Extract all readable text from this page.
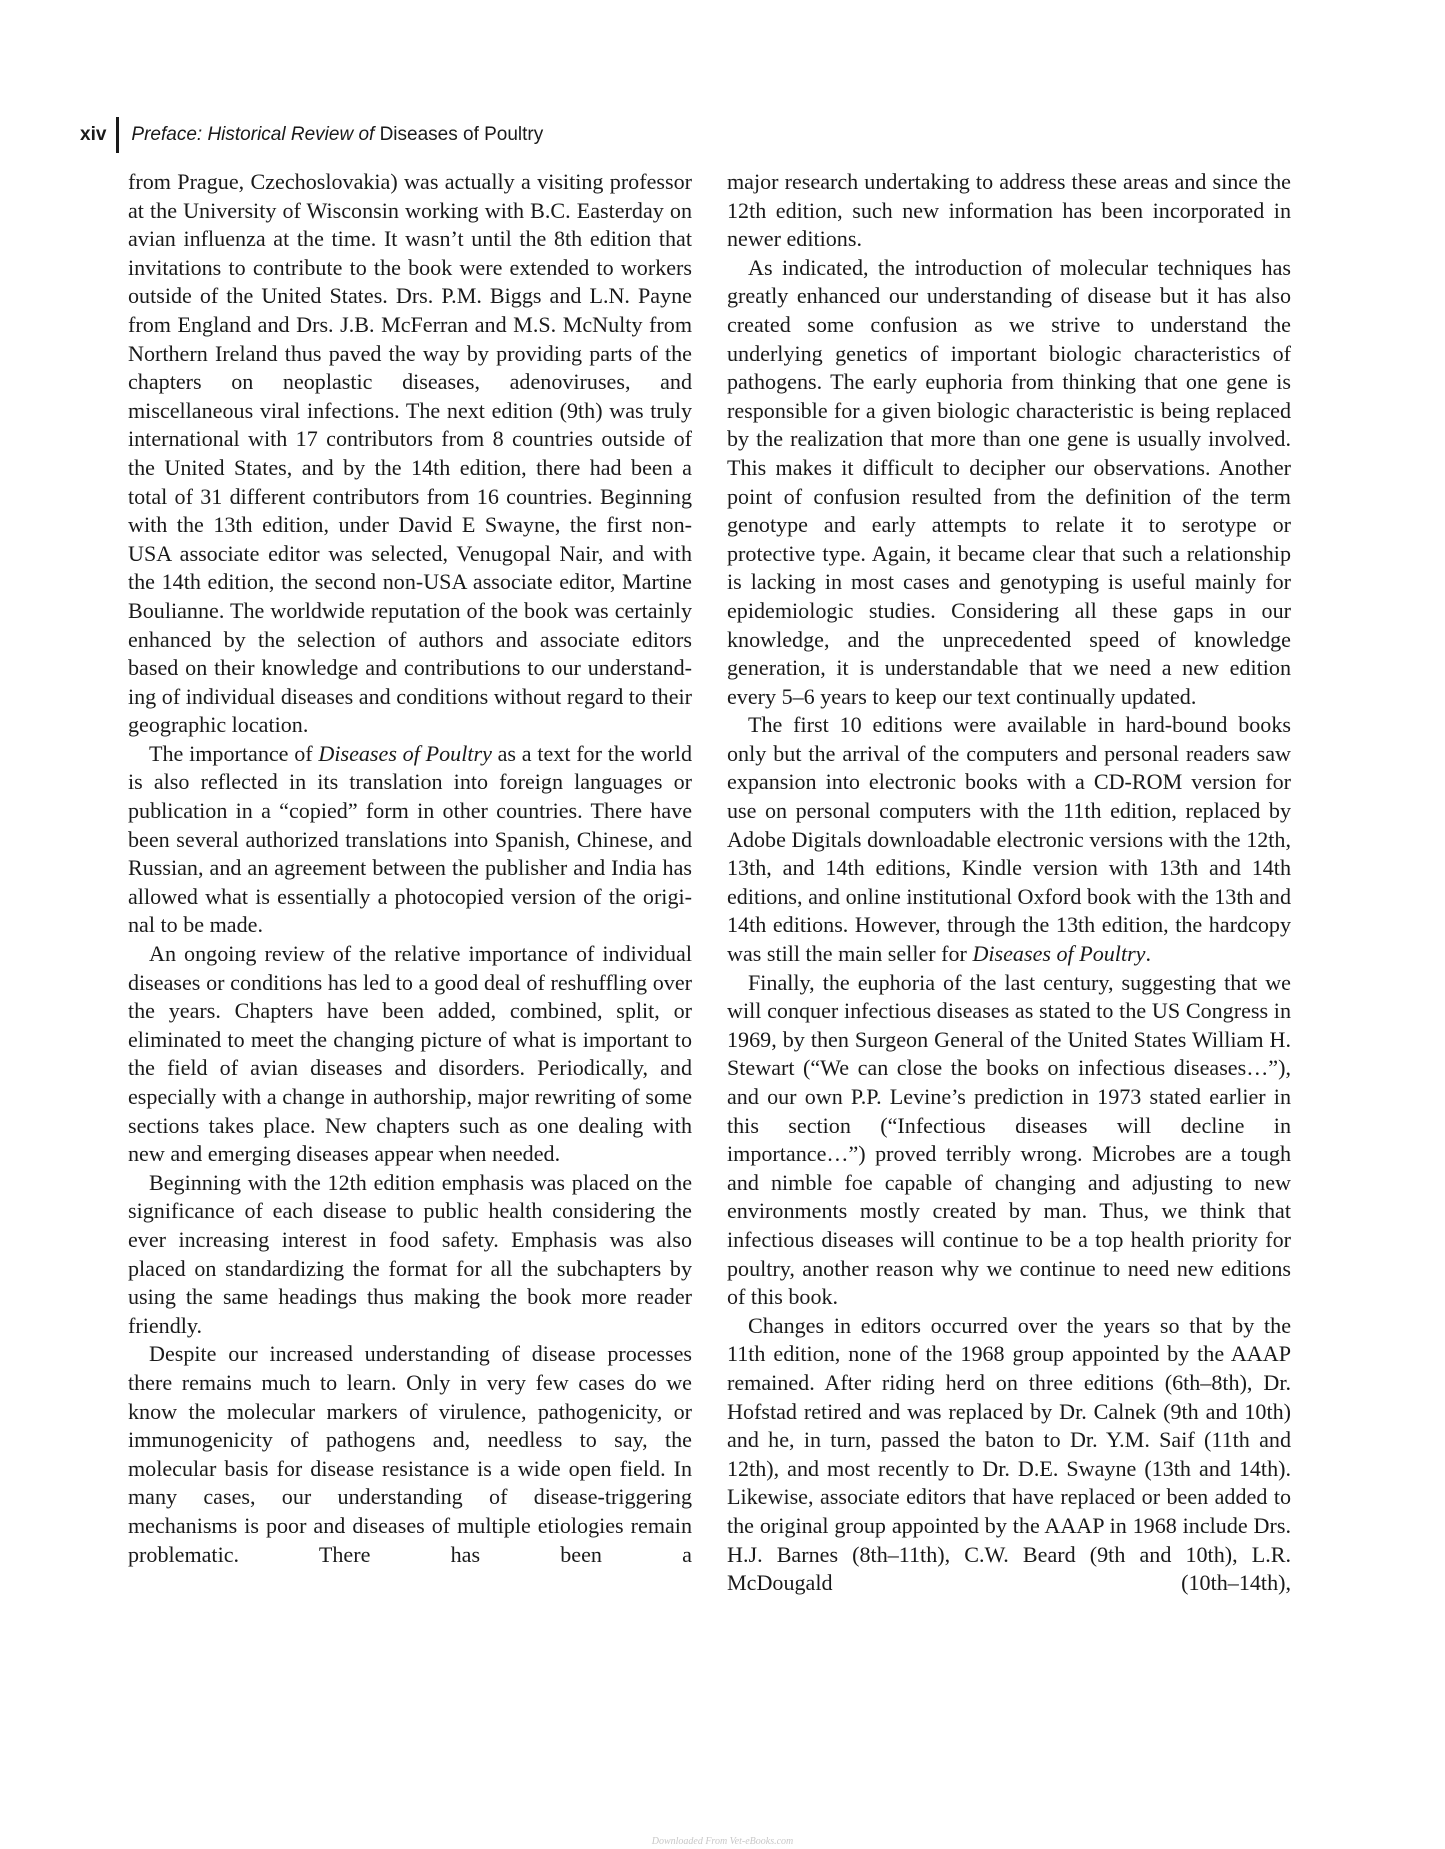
xiv	Preface: Historical Review of Diseases of Poultry

from Prague, Czechoslovakia) was actually a visiting professor at the University of Wisconsin working with B.C. Easterday on avian influenza at the time. It wasn’t until the 8th edition that invitations to contribute to the book were extended to workers outside of the United States. Drs. P.M. Biggs and L.N. Payne from England and Drs. J.B. McFerran and M.S. McNulty from Northern Ireland thus paved the way by providing parts of the chapters on neoplastic diseases, adenoviruses, and miscellaneous viral infections. The next edition (9th) was truly international with 17 contributors from 8 countries outside of the United States, and by the 14th edition, there had been a total of 31 different contributors from 16 countries. Beginning with the 13th edition, under David E Swayne, the first non‐USA associate editor was selected, Venugopal Nair, and with the 14th edition, the second non‐USA associate editor, Martine Boulianne. The worldwide reputation of the book was certainly enhanced by the selection of authors and associate editors based on their knowledge and contributions to our understanding of individual diseases and conditions without regard to their geographic location.

The importance of Diseases of Poultry as a text for the world is also reflected in its translation into foreign languages or publication in a “copied” form in other countries. There have been several authorized translations into Spanish, Chinese, and Russian, and an agreement between the publisher and India has allowed what is essentially a photocopied version of the original to be made.

An ongoing review of the relative importance of individual diseases or conditions has led to a good deal of reshuffling over the years. Chapters have been added, combined, split, or eliminated to meet the changing picture of what is important to the field of avian diseases and disorders. Periodically, and especially with a change in authorship, major rewriting of some sections takes place. New chapters such as one dealing with new and emerging diseases appear when needed.

Beginning with the 12th edition emphasis was placed on the significance of each disease to public health considering the ever increasing interest in food safety. Emphasis was also placed on standardizing the format for all the subchapters by using the same headings thus making the book more reader friendly.

Despite our increased understanding of disease processes there remains much to learn. Only in very few cases do we know the molecular markers of virulence, pathogenicity, or immunogenicity of pathogens and, needless to say, the molecular basis for disease resistance is a wide open field. In many cases, our understanding of disease‐triggering mechanisms is poor and diseases of multiple etiologies remain problematic. There has been a

major research undertaking to address these areas and since the 12th edition, such new information has been incorporated in newer editions.

As indicated, the introduction of molecular techniques has greatly enhanced our understanding of disease but it has also created some confusion as we strive to understand the underlying genetics of important biologic characteristics of pathogens. The early euphoria from thinking that one gene is responsible for a given biologic characteristic is being replaced by the realization that more than one gene is usually involved. This makes it difficult to decipher our observations. Another point of confusion resulted from the definition of the term genotype and early attempts to relate it to serotype or protective type. Again, it became clear that such a relationship is lacking in most cases and genotyping is useful mainly for epidemiologic studies. Considering all these gaps in our knowledge, and the unprecedented speed of knowledge generation, it is understandable that we need a new edition every 5–6 years to keep our text continually updated.

The first 10 editions were available in hard‐bound books only but the arrival of the computers and personal readers saw expansion into electronic books with a CD‐ROM version for use on personal computers with the 11th edition, replaced by Adobe Digitals downloadable electronic versions with the 12th, 13th, and 14th editions, Kindle version with 13th and 14th editions, and online institutional Oxford book with the 13th and 14th editions. However, through the 13th edition, the hardcopy was still the main seller for Diseases of Poultry.

Finally, the euphoria of the last century, suggesting that we will conquer infectious diseases as stated to the US Congress in 1969, by then Surgeon General of the United States William H. Stewart (“We can close the books on infectious diseases…”), and our own P.P. Levine’s prediction in 1973 stated earlier in this section (“Infectious diseases will decline in importance…”) proved terribly wrong. Microbes are a tough and nimble foe capable of changing and adjusting to new environments mostly created by man. Thus, we think that infectious diseases will continue to be a top health priority for poultry, another reason why we continue to need new editions of this book.

Changes in editors occurred over the years so that by the 11th edition, none of the 1968 group appointed by the AAAP remained. After riding herd on three editions (6th–8th), Dr. Hofstad retired and was replaced by Dr. Calnek (9th and 10th) and he, in turn, passed the baton to Dr. Y.M. Saif (11th and 12th), and most recently to Dr. D.E. Swayne (13th and 14th). Likewise, associate editors that have replaced or been added to the original group appointed by the AAAP in 1968 include Drs. H.J. Barnes (8th–11th), C.W. Beard (9th and 10th), L.R. McDougald (10th–14th),

Downloaded From Vet-eBooks.com
